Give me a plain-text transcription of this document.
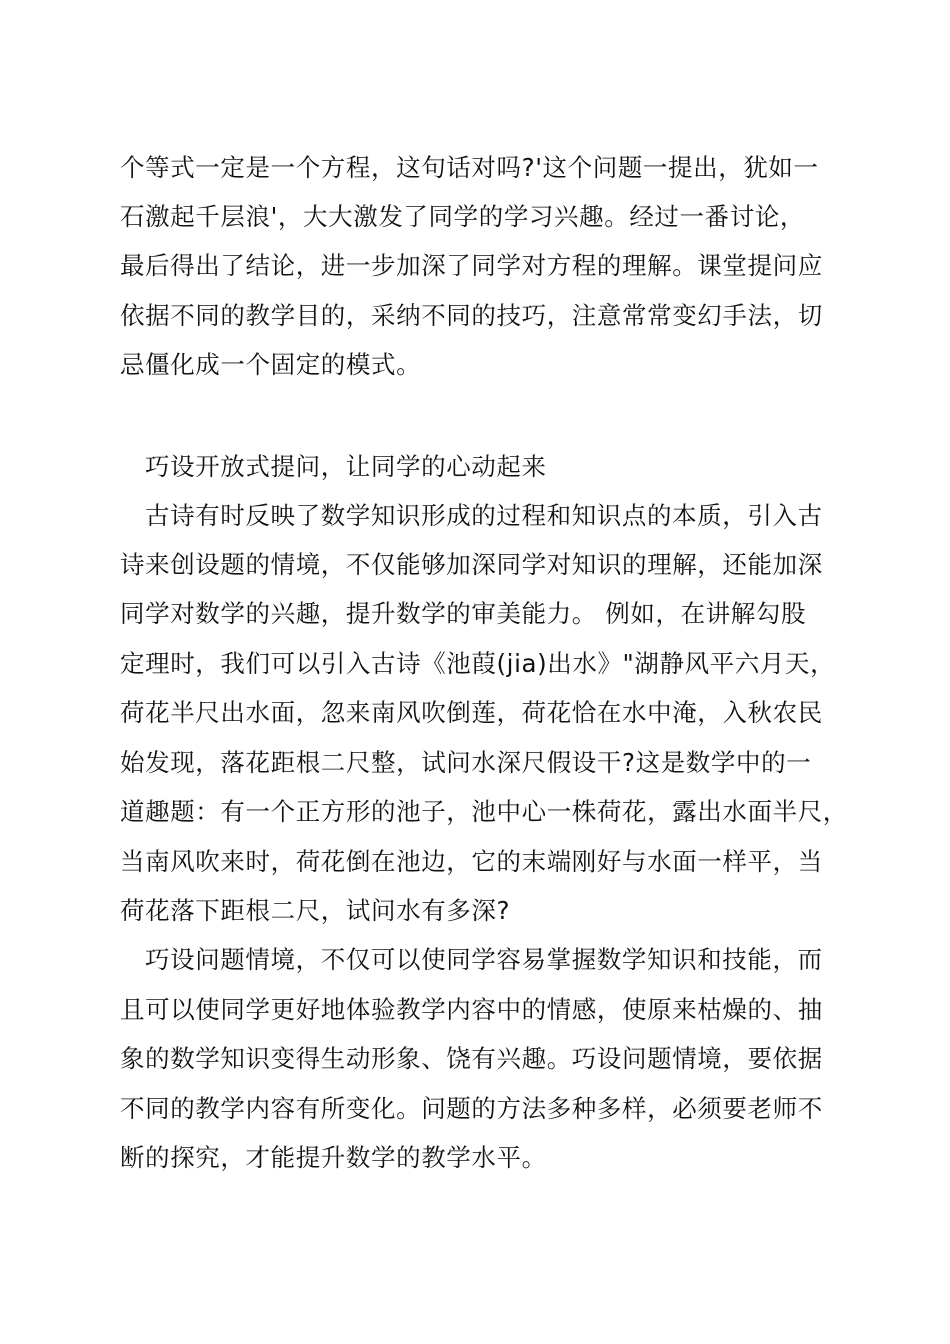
个等式一定是一个方程，这句话对吗?'这个问题一提出，犹如一
石激起千层浪'，大大激发了同学的学习兴趣。经过一番讨论，
最后得出了结论，进一步加深了同学对方程的理解。课堂提问应
依据不同的教学目的，采纳不同的技巧，注意常常变幻手法，切
忌僵化成一个固定的模式。
巧设开放式提问，让同学的心动起来
古诗有时反映了数学知识形成的过程和知识点的本质，引入古
诗来创设题的情境，不仅能够加深同学对知识的理解，还能加深
同学对数学的兴趣，提升数学的审美能力。 例如，在讲解勾股
定理时，我们可以引入古诗《池葭(jia)出水》"湖静风平六月天，
荷花半尺出水面，忽来南风吹倒莲，荷花恰在水中淹，入秋农民
始发现，落花距根二尺整，试问水深尺假设干?这是数学中的一
道趣题：有一个正方形的池子，池中心一株荷花，露出水面半尺，
当南风吹来时，荷花倒在池边，它的末端刚好与水面一样平，当
荷花落下距根二尺，试问水有多深?
巧设问题情境，不仅可以使同学容易掌握数学知识和技能，而
且可以使同学更好地体验教学内容中的情感，使原来枯燥的、抽
象的数学知识变得生动形象、饶有兴趣。巧设问题情境，要依据
不同的教学内容有所变化。问题的方法多种多样，必须要老师不
断的探究，才能提升数学的教学水平。
